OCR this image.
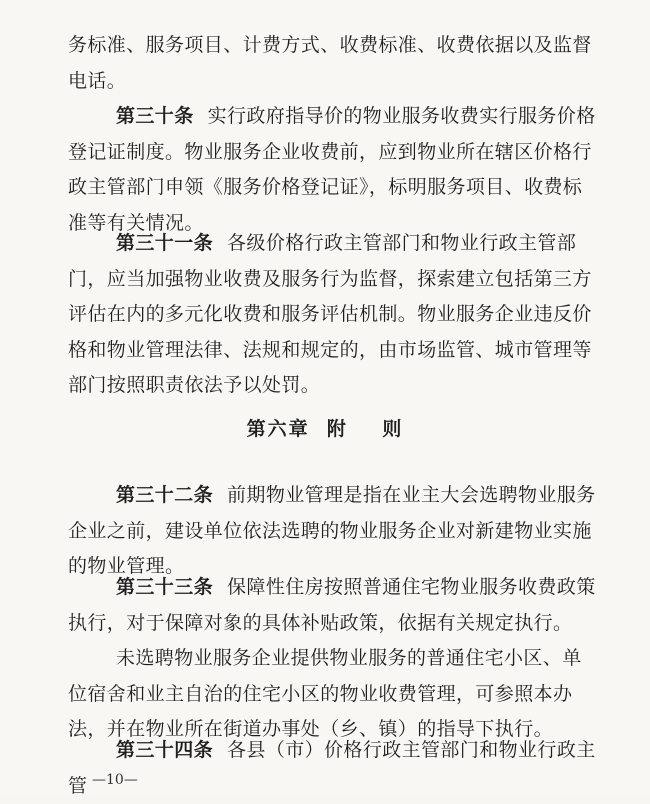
务标准、服务项目、计费方式、收费标准、收费依据以及监督电话。

第三十条 实行政府指导价的物业服务收费实行服务价格登记证制度。物业服务企业收费前，应到物业所在辖区价格行政主管部门申领《服务价格登记证》，标明服务项目、收费标准等有关情况。

第三十一条 各级价格行政主管部门和物业行政主管部门，应当加强物业收费及服务行为监督，探索建立包括第三方评估在内的多元化收费和服务评估机制。物业服务企业违反价格和物业管理法律、法规和规定的，由市场监管、城市管理等部门按照职责依法予以处罚。

第六章 附    则

第三十二条 前期物业管理是指在业主大会选聘物业服务企业之前，建设单位依法选聘的物业服务企业对新建物业实施的物业管理。

第三十三条 保障性住房按照普通住宅物业服务收费政策执行，对于保障对象的具体补贴政策，依据有关规定执行。

未选聘物业服务企业提供物业服务的普通住宅小区、单位宿舍和业主自治的住宅小区的物业收费管理，可参照本办法，并在物业所在街道办事处（乡、镇）的指导下执行。

第三十四条 各县（市）价格行政主管部门和物业行政主管 —10—
